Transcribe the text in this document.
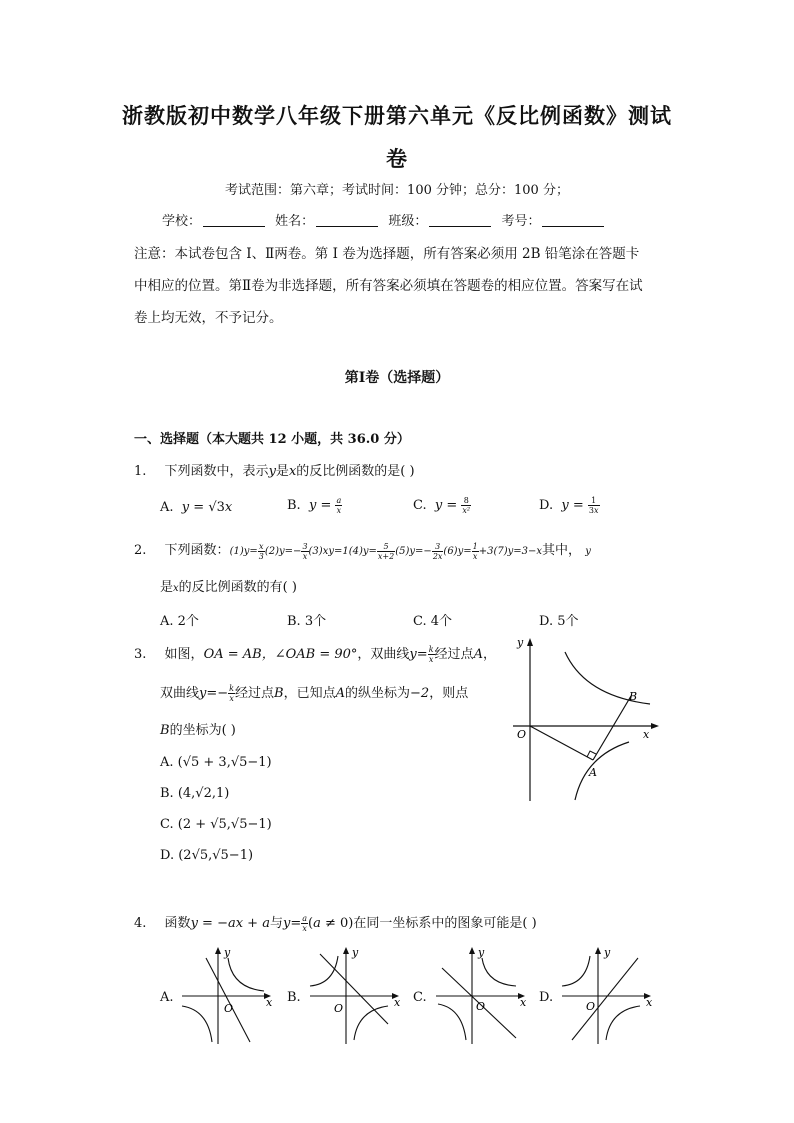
浙教版初中数学八年级下册第六单元《反比例函数》测试
卷
考试范围：第六章；考试时间：100 分钟；总分：100 分；
学校：	姓名：	班级：	考号：
注意：本试卷包含 Ⅰ、Ⅱ两卷。第 Ⅰ 卷为选择题，所有答案必须用 2B 铅笔涂在答题卡
中相应的位置。第Ⅱ卷为非选择题，所有答案必须填在答题卷的相应位置。答案写在试
卷上均无效，不予记分。
第Ⅰ卷（选择题）
一、选择题（本大题共 12 小题，共 36.0 分）
1. 下列函数中，表示y是x的反比例函数的是( )
A. y = √3x	B. $y = \frac{a}{x}$	C. $y = \frac{8}{\text{x²}}$	D. $y = \frac{1}{3x}$
2. 下列函数：$(1)y= \frac{x}{3} (2)y=- \frac{3}{x} (3)xy=1(4)y= \frac{5}{x+2} (5)y=- \frac{3}{2x} (6)y= \frac{1}{x} +3(7)y=3-x$其中， y
是x的反比例函数的有( )
A. 2个	B. 3个	C. 4个	D. 5个
3. 如图，OA = AB，∠OAB = 90°，双曲线$y= \frac{k}{x}$ 经过点A，
双曲线$y=- \frac{k}{x}$ 经过点B，已知点A的纵坐标为−2，则点
B的坐标为( )
A. (√5 + 3,√5−1)
B. (4,√2,1)
C. (2 + √5,√5−1)
D. (2√5,√5−1)
y
x
O
A
B
4. 函数y = −ax + a与$y= \frac{a}{x} (a \ne 0)$在同一坐标系中的图象可能是( )
A.	B.	C.	D.
y
x
O
y
x
O
y
x
O
y
x
O
